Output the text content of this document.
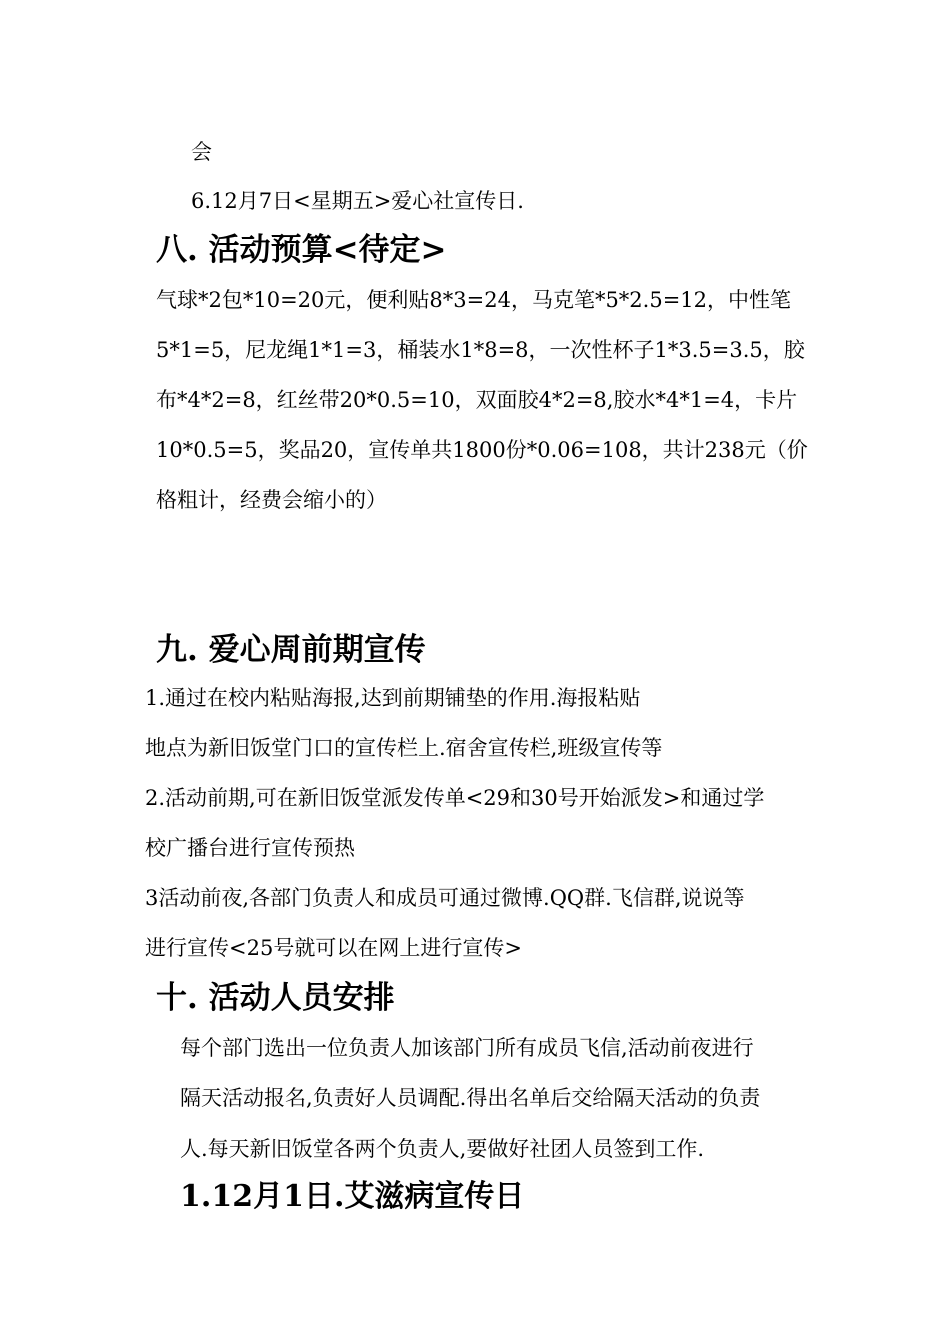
会
6.12月7日<星期五>爱心社宣传日.
八. 活动预算<待定>
气球*2包*10=20元，便利贴8*3=24，马克笔*5*2.5=12，中性笔
5*1=5，尼龙绳1*1=3，桶装水1*8=8，一次性杯子1*3.5=3.5，胶
布*4*2=8，红丝带20*0.5=10，双面胶4*2=8,胶水*4*1=4，卡片
10*0.5=5，奖品20，宣传单共1800份*0.06=108，共计238元（价
格粗计，经费会缩小的）
九. 爱心周前期宣传
1.通过在校内粘贴海报,达到前期铺垫的作用.海报粘贴
地点为新旧饭堂门口的宣传栏上.宿舍宣传栏,班级宣传等
2.活动前期,可在新旧饭堂派发传单<29和30号开始派发>和通过学
校广播台进行宣传预热
3活动前夜,各部门负责人和成员可通过微博.QQ群.飞信群,说说等
进行宣传<25号就可以在网上进行宣传>
十. 活动人员安排
每个部门选出一位负责人加该部门所有成员飞信,活动前夜进行
隔天活动报名,负责好人员调配.得出名单后交给隔天活动的负责
人.每天新旧饭堂各两个负责人,要做好社团人员签到工作.
1.12月1日.艾滋病宣传日
